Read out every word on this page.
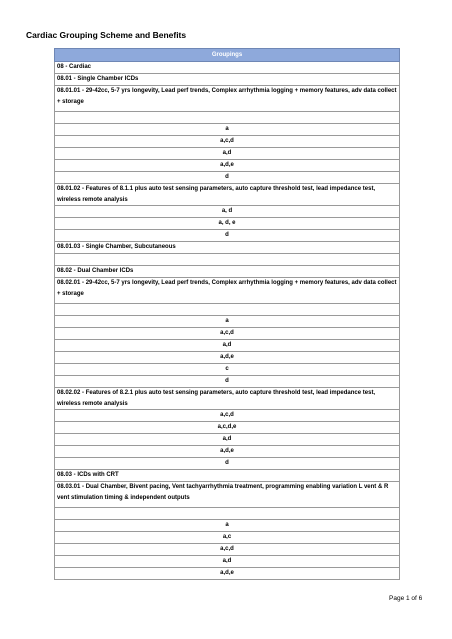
Cardiac Grouping Scheme and Benefits
Groupings
08 - Cardiac
08.01 - Single Chamber ICDs
08.01.01 - 29-42cc, 5-7 yrs longevity, Lead perf trends, Complex arrhythmia logging + memory features, adv data collect + storage

a
a,c,d
a,d
a,d,e
d
08.01.02 - Features of 8.1.1 plus auto test sensing parameters, auto capture threshold test, lead impedance test, wireless remote analysis
a, d
a, d, e
d
08.01.03 - Single Chamber, Subcutaneous

08.02 - Dual Chamber ICDs
08.02.01 - 29-42cc, 5-7 yrs longevity, Lead perf trends, Complex arrhythmia logging + memory features, adv data collect + storage

a
a,c,d
a,d
a,d,e
c
d
08.02.02 - Features of 8.2.1 plus auto test sensing parameters, auto capture threshold test, lead impedance test, wireless remote analysis
a,c,d
a,c,d,e
a,d
a,d,e
d
08.03 - ICDs with CRT
08.03.01 - Dual Chamber, Bivent pacing, Vent tachyarrhythmia treatment, programming enabling variation L vent & R vent stimulation timing & independent outputs

a
a,c
a,c,d
a,d
a,d,e
Page 1 of 6
